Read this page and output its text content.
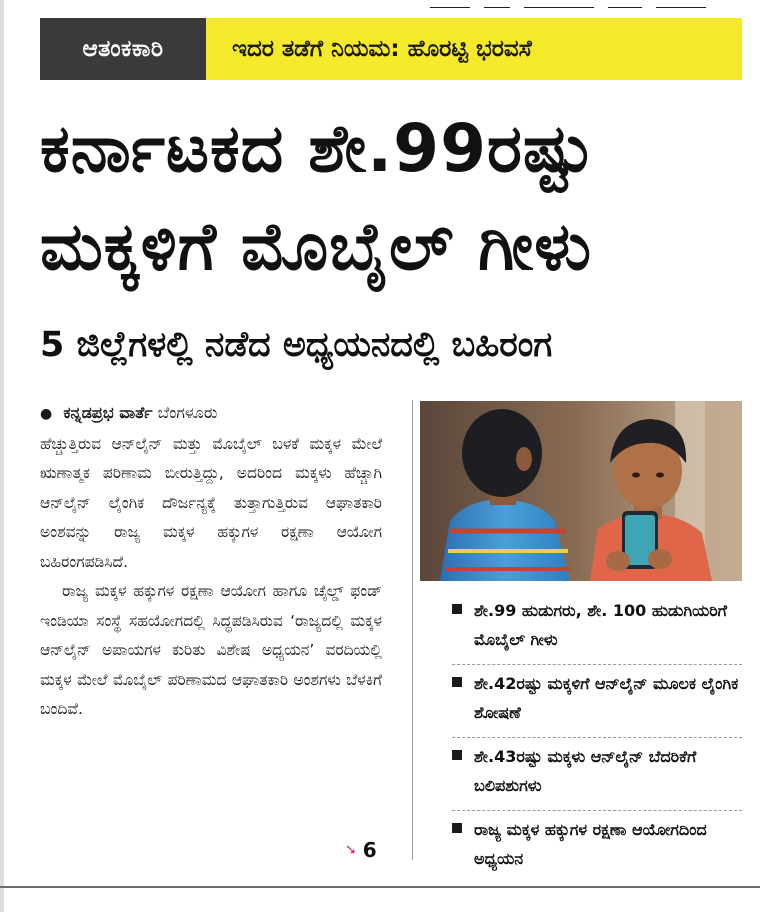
ಆತಂಕಕಾರಿ	ಇದರ ತಡೆಗೆ ನಿಯಮ: ಹೊರಟ್ಟಿ ಭರವಸೆ
ಕರ್ನಾಟಕದ ಶೇ.99ರಷ್ಟು
ಮಕ್ಕಳಿಗೆ ಮೊಬೈಲ್ ಗೀಳು
5 ಜಿಲ್ಲೆಗಳಲ್ಲಿ ನಡೆದ ಅಧ್ಯಯನದಲ್ಲಿ ಬಹಿರಂಗ
● ಕನ್ನಡಪ್ರಭ ವಾರ್ತೆ ಬೆಂಗಳೂರು

ಹೆಚ್ಚುತ್ತಿರುವ ಆನ್‌ಲೈನ್ ಮತ್ತು ಮೊಬೈಲ್ ಬಳಕೆ ಮಕ್ಕಳ ಮೇಲೆ ಋಣಾತ್ಮಕ ಪರಿಣಾಮ ಬೀರುತ್ತಿದ್ದು, ಅದರಿಂದ ಮಕ್ಕಳು ಹೆಚ್ಚಾಗಿ ಆನ್‌ಲೈನ್ ಲೈಂಗಿಕ ದೌರ್ಜನ್ಯಕ್ಕೆ ತುತ್ತಾಗುತ್ತಿರುವ ಆಘಾತಕಾರಿ ಅಂಶವನ್ನು ರಾಜ್ಯ ಮಕ್ಕಳ ಹಕ್ಕುಗಳ ರಕ್ಷಣಾ ಆಯೋಗ ಬಹಿರಂಗಪಡಿಸಿದೆ.

ರಾಜ್ಯ ಮಕ್ಕಳ ಹಕ್ಕುಗಳ ರಕ್ಷಣಾ ಆಯೋಗ ಹಾಗೂ ಚೈಲ್ಡ್ ಫಂಡ್ ಇಂಡಿಯಾ ಸಂಸ್ಥೆ ಸಹಯೋಗದಲ್ಲಿ ಸಿದ್ಧಪಡಿಸಿರುವ ‘ರಾಜ್ಯದಲ್ಲಿ ಮಕ್ಕಳ ಆನ್‌ಲೈನ್ ಅಪಾಯಗಳ ಕುರಿತು ವಿಶೇಷ ಅಧ್ಯಯನ’ ವರದಿಯಲ್ಲಿ ಮಕ್ಕಳ ಮೇಲೆ ಮೊಬೈಲ್ ಪರಿಣಾಮದ ಆಘಾತಕಾರಿ ಅಂಶಗಳು ಬೆಳಕಿಗೆ ಬಂದಿವೆ.

➘ 6
ಶೇ.99 ಹುಡುಗರು, ಶೇ. 100 ಹುಡುಗಿಯರಿಗೆ ಮೊಬೈಲ್ ಗೀಳು
ಶೇ.42ರಷ್ಟು ಮಕ್ಕಳಿಗೆ ಆನ್‌ಲೈನ್ ಮೂಲಕ ಲೈಂಗಿಕ ಶೋಷಣೆ
ಶೇ.43ರಷ್ಟು ಮಕ್ಕಳು ಆನ್‌ಲೈನ್ ಬೆದರಿಕೆಗೆ ಬಲಿಪಶುಗಳು
ರಾಜ್ಯ ಮಕ್ಕಳ ಹಕ್ಕುಗಳ ರಕ್ಷಣಾ ಆಯೋಗದಿಂದ ಅಧ್ಯಯನ
